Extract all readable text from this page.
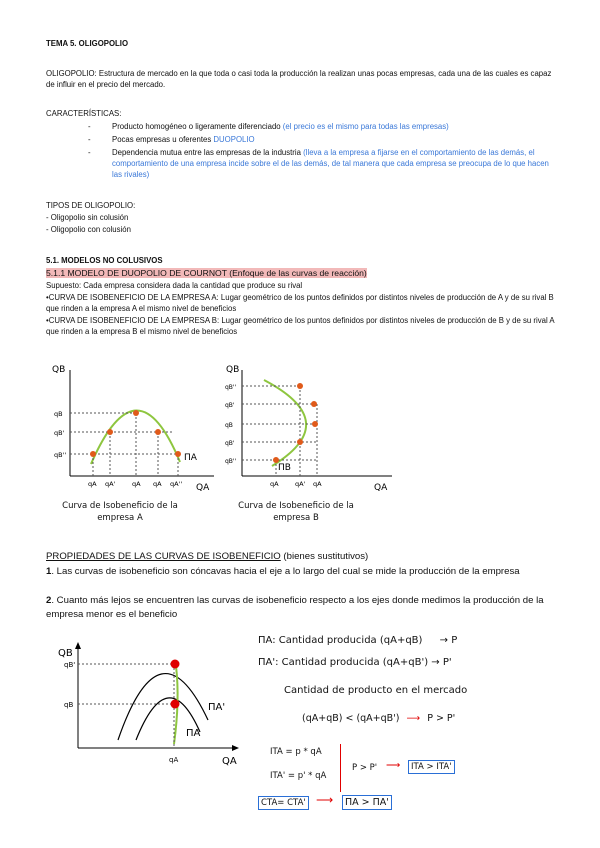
TEMA 5. OLIGOPOLIO
OLIGOPOLIO: Estructura de mercado en la que toda o casi toda la producción la realizan unas pocas empresas, cada una de las cuales es capaz de influir en el precio del mercado.
CARACTERÍSTICAS:
- Producto homogéneo o ligeramente diferenciado (el precio es el mismo para todas las empresas)
- Pocas empresas u oferentes DUOPOLIO
- Dependencia mutua entre las empresas de la industria (lleva a la empresa a fijarse en el comportamiento de las demás, el comportamiento de una empresa incide sobre el de las demás, de tal manera que cada empresa se preocupa de lo que hacen las rivales)
TIPOS DE OLIGOPOLIO:
- Oligopolio sin colusión
- Oligopolio con colusión
5.1. MODELOS NO COLUSIVOS
5.1.1 MODELO DE DUOPOLIO DE COURNOT (Enfoque de las curvas de reacción)
Supuesto: Cada empresa considera dada la cantidad que produce su rival
•CURVA DE ISOBENEFICIO DE LA EMPRESA A: Lugar geométrico de los puntos definidos por distintos niveles de producción de A y de su rival B que rinden a la empresa A el mismo nivel de beneficios
•CURVA DE ISOBENEFICIO DE LA EMPRESA B: Lugar geométrico de los puntos definidos por distintos niveles de producción de B y de su rival A que rinden a la empresa B el mismo nivel de beneficios
QB
QA
ΠA
qB
qB'
qB''
qA qA'	qA qA qA''
Curva de Isobeneficio de la
empresa A
QB
QA
ΠB
qB''
qB'
qB
qB'
qB''
qA	qA' qA
Curva de Isobeneficio de la
empresa B
PROPIEDADES DE LAS CURVAS DE ISOBENEFICIO (bienes sustitutivos)
1. Las curvas de isobeneficio son cóncavas hacia el eje a lo largo del cual se mide la producción de la empresa
2. Cuanto más lejos se encuentren las curvas de isobeneficio respecto a los ejes donde medimos la producción de la empresa menor es el beneficio
QB
QA
qB'
qB
qA
ΠA'
ΠA
ΠA: Cantidad producida (qA+qB) → P
ΠA': Cantidad producida (qA+qB') → P'
Cantidad de producto en el mercado
(qA+qB) < (qA+qB') ⟶ P > P'
ITA = p * qA
ITA' = p' * qA
P > P' ⟶	ITA > ITA'
CTA= CTA' ⟶	ΠA > ΠA'
